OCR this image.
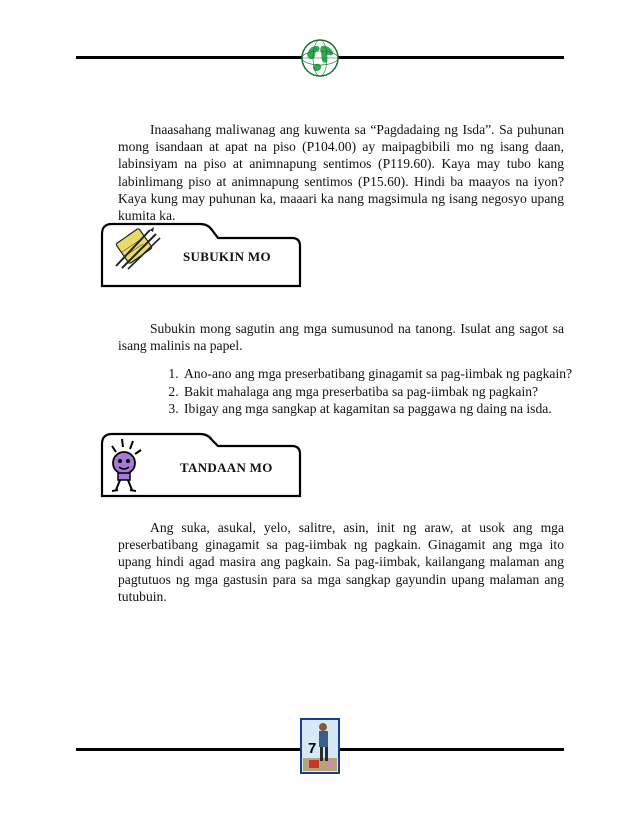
Inaasahang maliwanag ang kuwenta sa “Pagdadaing ng Isda”. Sa puhunan mong isandaan at apat na piso (P104.00) ay maipagbibili mo ng isang daan, labinsiyam na piso at animnapung sentimos (P119.60). Kaya may tubo kang labinlimang piso at animnapung sentimos (P15.60). Hindi ba maayos na iyon? Kaya kung may puhunan ka, maaari ka nang magsimula ng isang negosyo upang kumita ka.

SUBUKIN MO

Subukin mong sagutin ang mga sumusunod na tanong. Isulat ang sagot sa isang malinis na papel.

1. Ano-ano ang mga preserbatibang ginagamit sa pag-iimbak ng pagkain?
2. Bakit mahalaga ang mga preserbatiba sa pag-iimbak ng pagkain?
3. Ibigay ang mga sangkap at kagamitan sa paggawa ng daing na isda.
TANDAAN MO

Ang suka, asukal, yelo, salitre, asin, init ng araw, at usok ang mga preserbatibang ginagamit sa pag-iimbak ng pagkain. Ginagamit ang mga ito upang hindi agad masira ang pagkain. Sa pag-iimbak, kailangang malaman ang pagtutuos ng mga gastusin para sa mga sangkap gayundin upang malaman ang tutubuin.

7
